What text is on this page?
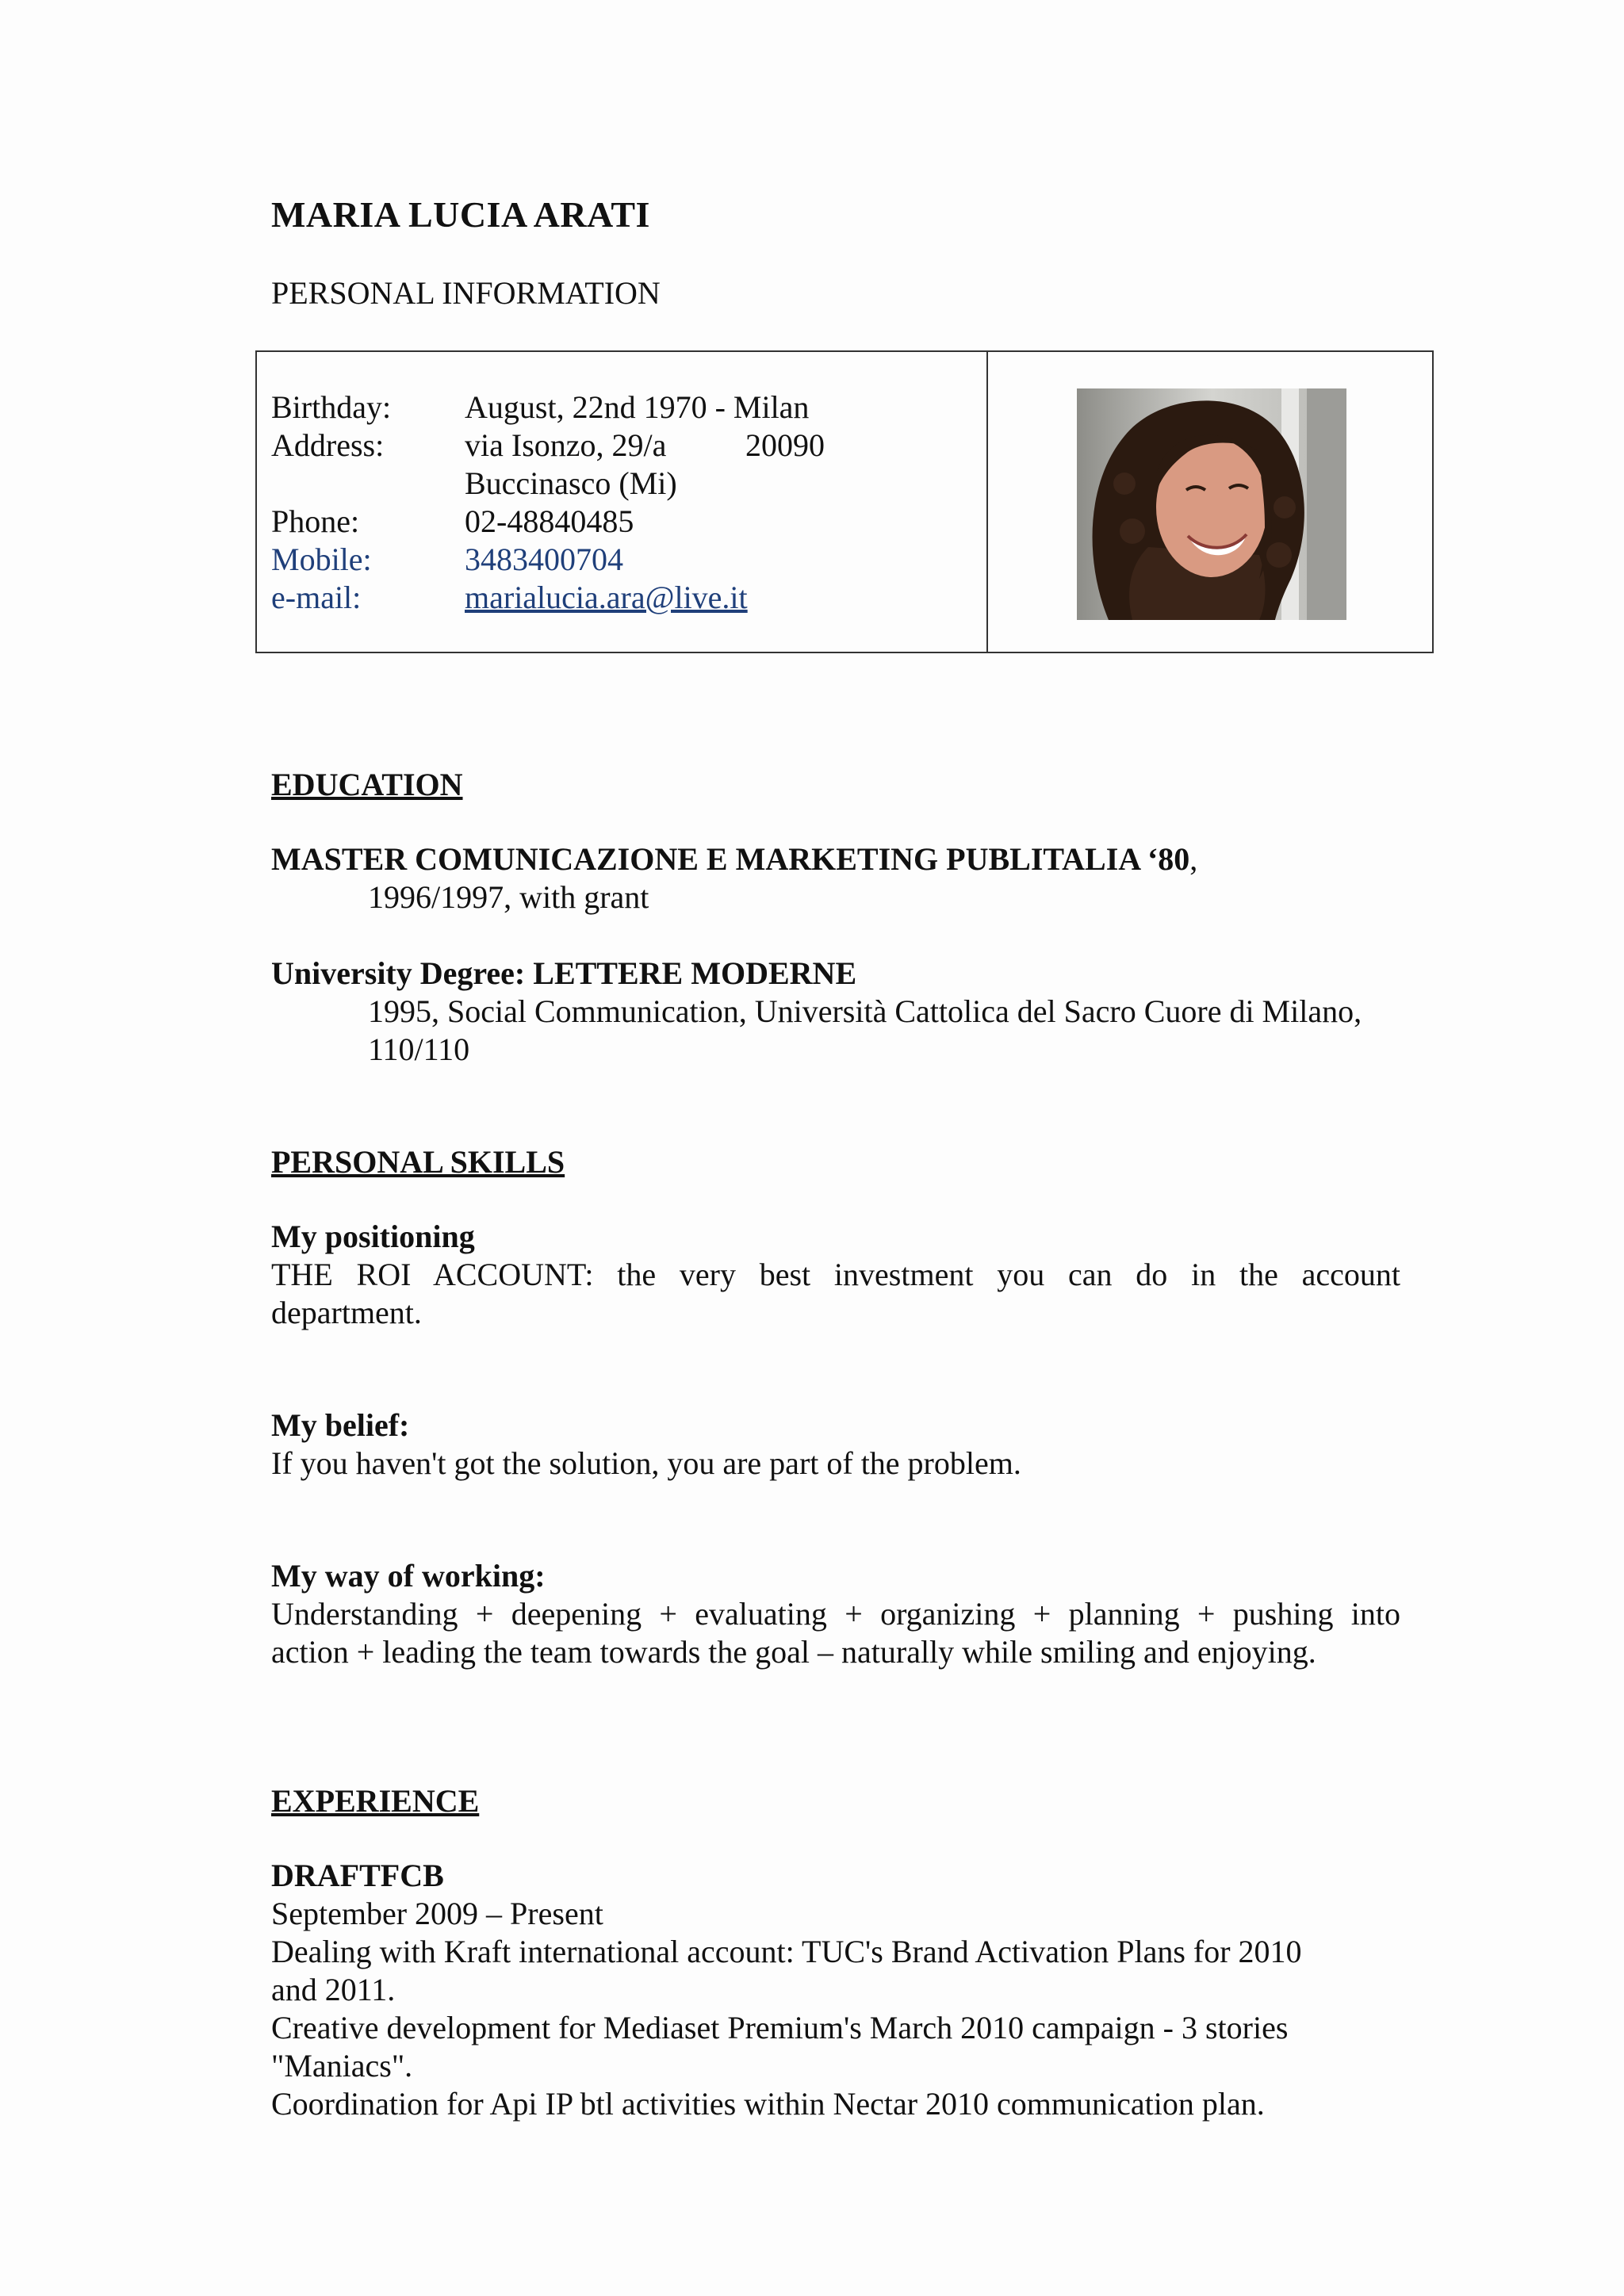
MARIA LUCIA ARATI
PERSONAL INFORMATION
Birthday: August, 22nd 1970 - Milan
Address:	via Isonzo, 29/a 20090
Buccinasco (Mi)
Phone:	02-48840485
Mobile:	3483400704
e-mail:	marialucia.ara@live.it
EDUCATION
MASTER COMUNICAZIONE E MARKETING PUBLITALIA ‘80,
1996/1997, with grant
University Degree: LETTERE MODERNE
1995, Social Communication, Università Cattolica del Sacro Cuore di Milano,
110/110
PERSONAL SKILLS
My positioning
THE ROI ACCOUNT: the very best investment you can do in the account
department.
My belief:
If you haven't got the solution, you are part of the problem.
My way of working:
Understanding + deepening + evaluating + organizing + planning + pushing into
action + leading the team towards the goal – naturally while smiling and enjoying.
EXPERIENCE
DRAFTFCB
September 2009 – Present
Dealing with Kraft international account: TUC's Brand Activation Plans for 2010
and 2011.
Creative development for Mediaset Premium's March 2010 campaign - 3 stories
"Maniacs".
Coordination for Api IP btl activities within Nectar 2010 communication plan.
